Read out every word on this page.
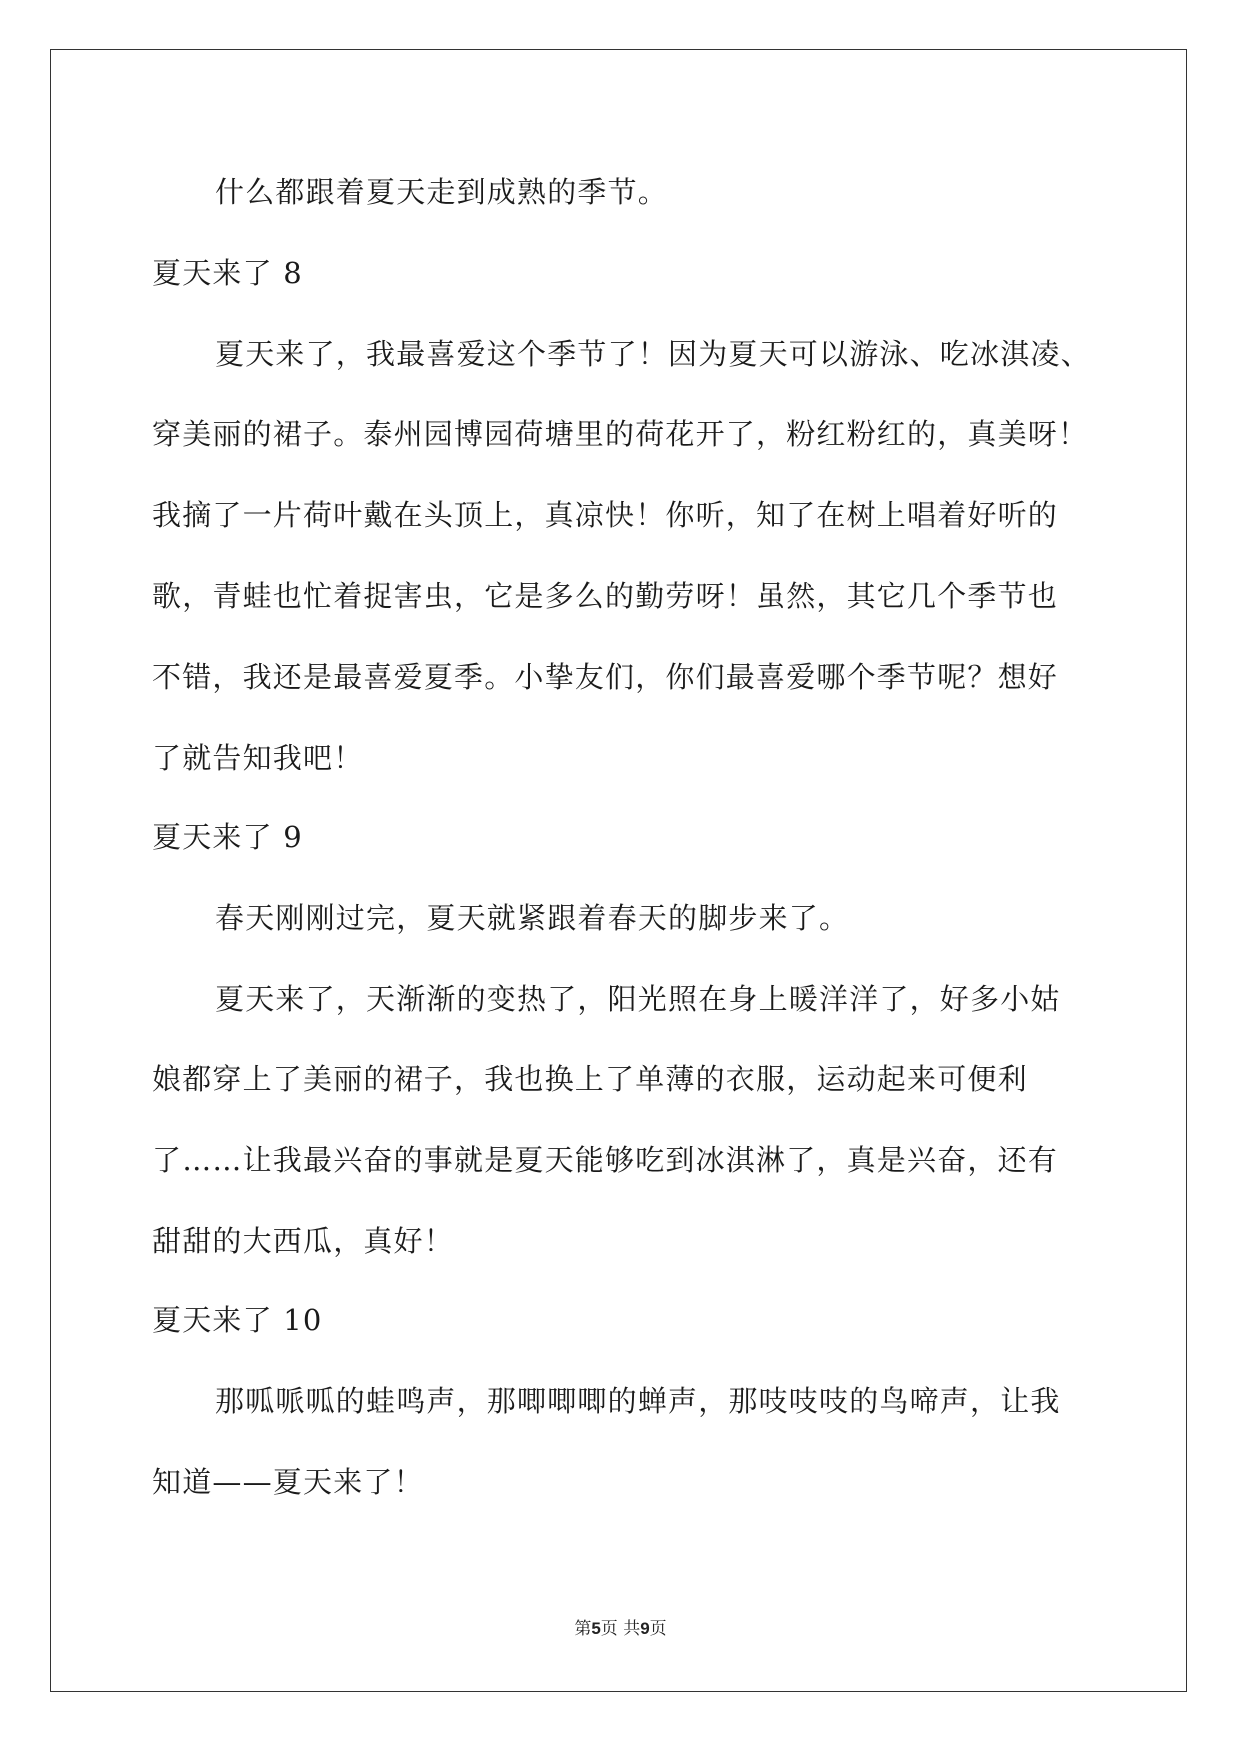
什么都跟着夏天走到成熟的季节。
夏天来了 8
夏天来了，我最喜爱这个季节了！因为夏天可以游泳、吃冰淇凌、
穿美丽的裙子。泰州园博园荷塘里的荷花开了，粉红粉红的，真美呀！
我摘了一片荷叶戴在头顶上，真凉快！你听，知了在树上唱着好听的
歌，青蛙也忙着捉害虫，它是多么的勤劳呀！虽然，其它几个季节也
不错，我还是最喜爱夏季。小挚友们，你们最喜爱哪个季节呢？想好
了就告知我吧！
夏天来了 9
春天刚刚过完，夏天就紧跟着春天的脚步来了。
夏天来了，天渐渐的变热了，阳光照在身上暖洋洋了，好多小姑
娘都穿上了美丽的裙子，我也换上了单薄的衣服，运动起来可便利
了……让我最兴奋的事就是夏天能够吃到冰淇淋了，真是兴奋，还有
甜甜的大西瓜，真好！
夏天来了 10
那呱哌呱的蛙鸣声，那唧唧唧的蝉声，那吱吱吱的鸟啼声，让我
知道——夏天来了！
第5页 共9页
